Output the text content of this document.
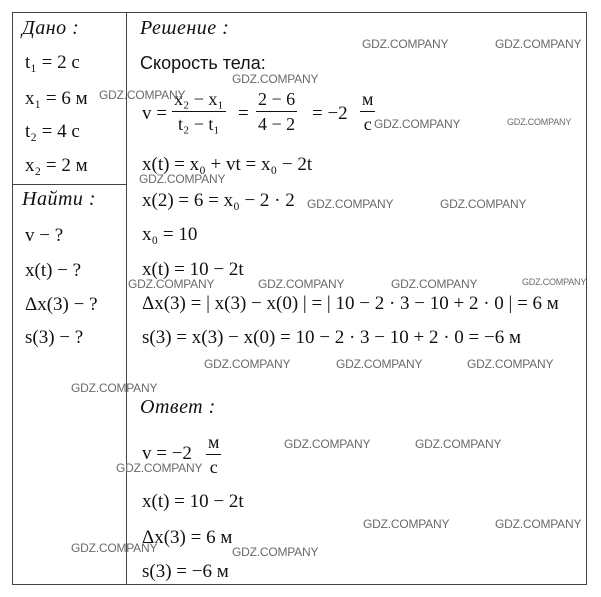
Дано :
t₁ = 2 с
x₁ = 6 м
t₂ = 4 с
x₂ = 2 м
Найти :
v − ?
x(t) − ?
Δx(3) − ?
s(3) − ?
Решение :
Скорость тела:
$v = \frac{\text{x₂ − x₁}}{\text{t₂ − t₁}} = \frac{2 - 6}{4 - 2} = -2$
м
с
x(t) = x₀ + vt = x₀ − 2t
x(2) = 6 = x₀ − 2 · 2
x₀ = 10
x(t) = 10 − 2t
Δx(3) = | x(3) − x(0) | = | 10 − 2 · 3 − 10 + 2 · 0 | = 6 м
s(3) = x(3) − x(0) = 10 − 2 · 3 − 10 + 2 · 0 = −6 м
Ответ :
v = −2
м
с
x(t) = 10 − 2t
Δx(3) = 6 м
s(3) = −6 м
GDZ.COMPANY	GDZ.COMPANY
GDZ.COMPANY
GDZ.COMPANY
GDZ.COMPANY	GDZ.COMPANY
GDZ.COMPANY
GDZ.COMPANY	GDZ.COMPANY
GDZ.COMPANY	GDZ.COMPANY	GDZ.COMPANY	GDZ.COMPANY
GDZ.COMPANY	GDZ.COMPANY	GDZ.COMPANY
GDZ.COMPANY
GDZ.COMPANY	GDZ.COMPANY
GDZ.COMPANY
GDZ.COMPANY	GDZ.COMPANY
GDZ.COMPANY	GDZ.COMPANY
